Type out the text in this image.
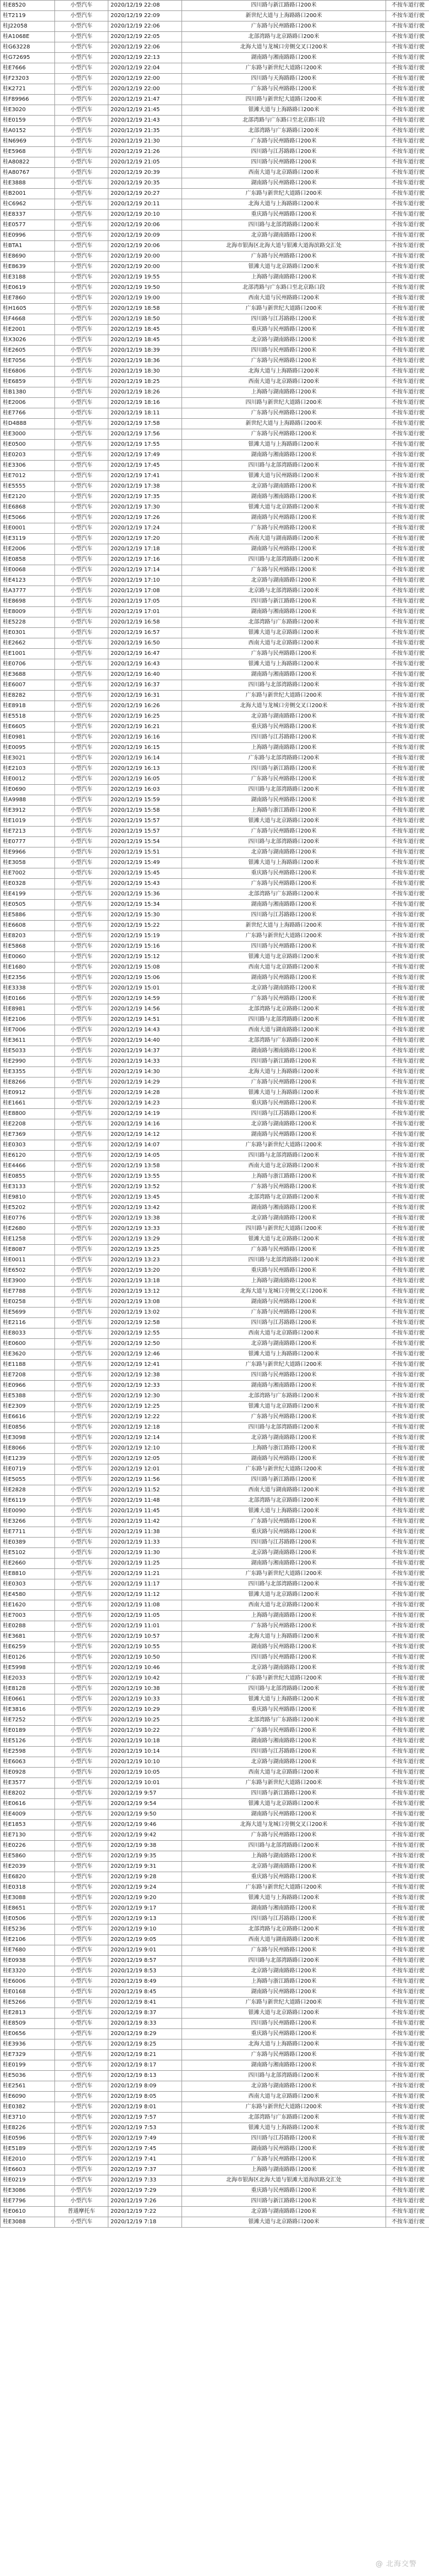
桂E8520	小型汽车	2020/12/19 22:08	四川路与新江路路口200米	不按车道行驶
桂T2119	小型汽车	2020/12/19 22:09	新世纪大道与上海路路口200米	不按车道行驶
桂J22058	小型汽车	2020/12/19 22:06	广东路与民州路路口200米	不按车道行驶
桂A1068E	小型汽车	2020/12/19 22:05	北部湾路与北京路路口200米	不按车道行驶
桂G63228	小型汽车	2020/12/19 22:06	北海大道与龙城口旁侧交叉口200米	不按车道行驶
桂G72695	小型汽车	2020/12/19 22:13	湖南路与湘南路路口200米	不按车道行驶
桂E7666	小型汽车	2020/12/19 22:04	广东路与新世纪大道路口200米	不按车道行驶
桂F23203	小型汽车	2020/12/19 22:00	四川路与天海路路口200米	不按车道行驶
桂K2721	小型汽车	2020/12/19 22:00	广东路与民州路路口200米	不按车道行驶
桂F89966	小型汽车	2020/12/19 21:47	四川路与新世纪大道路口200米	不按车道行驶
桂E3020	小型汽车	2020/12/19 21:45	银滩大道与上海路路口200米	不按车道行驶
桂E0159	小型汽车	2020/12/19 21:43	北部湾路与广东路口至北京路口段	不按车道行驶
桂A0152	小型汽车	2020/12/19 21:35	北部湾路与广东路路口200米	不按车道行驶
桂N6969	小型汽车	2020/12/19 21:30	广东路与民州路路口200米	不按车道行驶
桂E5968	小型汽车	2020/12/19 21:26	四川路与江苏路路口200米	不按车道行驶
桂A80822	小型汽车	2020/12/19 21:05	四川路与民州路路口200米	不按车道行驶
桂A80767	小型汽车	2020/12/19 20:39	西南大道与北京路路口200米	不按车道行驶
桂E3888	小型汽车	2020/12/19 20:35	湖南路与民州路路口200米	不按车道行驶
桂B2001	小型汽车	2020/12/19 20:27	广东路与新世纪大道路口200米	不按车道行驶
桂C6962	小型汽车	2020/12/19 20:11	北海大道与上海路路口200米	不按车道行驶
桂E8337	小型汽车	2020/12/19 20:10	重庆路与民州路路口200米	不按车道行驶
桂E0577	小型汽车	2020/12/19 20:06	四川路与北部湾路路口200米	不按车道行驶
桂E0996	小型汽车	2020/12/19 20:09	北京路与湖南路路口200米	不按车道行驶
桂BTA1	小型汽车	2020/12/19 20:06	北海市银海区北海大道与银滩大道海滨路交汇处	不按车道行驶
桂E8690	小型汽车	2020/12/19 20:00	广东路与民州路路口200米	不按车道行驶
桂E8639	小型汽车	2020/12/19 20:00	银滩大道与北京路路口200米	不按车道行驶
桂E3188	小型汽车	2020/12/19 19:55	上海路与湖南路路口200米	不按车道行驶
桂E0619	小型汽车	2020/12/19 19:50	北部湾路与广东路口至北京路口段	不按车道行驶
桂E7860	小型汽车	2020/12/19 19:00	西南大道与民州路路口200米	不按车道行驶
桂H1605	小型汽车	2020/12/19 18:58	广东路与新世纪大道路口200米	不按车道行驶
桂F4668	小型汽车	2020/12/19 18:50	四川路与江苏路路口200米	不按车道行驶
桂E2001	小型汽车	2020/12/19 18:45	重庆路与民州路路口200米	不按车道行驶
桂X3026	小型汽车	2020/12/19 18:45	北京路与湖南路路口200米	不按车道行驶
桂E2605	小型汽车	2020/12/19 18:39	四川路与民州路路口200米	不按车道行驶
桂E7056	小型汽车	2020/12/19 18:36	广东路与民州路路口200米	不按车道行驶
桂E6806	小型汽车	2020/12/19 18:30	北海大道与上海路路口200米	不按车道行驶
桂E6859	小型汽车	2020/12/19 18:25	西南大道与北京路路口200米	不按车道行驶
桂B1380	小型汽车	2020/12/19 18:26	上海路与湖南路路口200米	不按车道行驶
桂E2006	小型汽车	2020/12/19 18:16	四川路与新世纪大道路口200米	不按车道行驶
桂E7766	小型汽车	2020/12/19 18:11	广东路与民州路路口200米	不按车道行驶
桂D4888	小型汽车	2020/12/19 17:58	新世纪大道与上海路路口200米	不按车道行驶
桂E3000	小型汽车	2020/12/19 17:56	广东路与民州路路口200米	不按车道行驶
桂E0500	小型汽车	2020/12/19 17:55	银滩大道与上海路路口200米	不按车道行驶
桂E0203	小型汽车	2020/12/19 17:49	湖南路与湘南路路口200米	不按车道行驶
桂E3306	小型汽车	2020/12/19 17:45	四川路与北部湾路路口200米	不按车道行驶
桂E7012	小型汽车	2020/12/19 17:41	银滩大道与民州路路口200米	不按车道行驶
桂E5555	小型汽车	2020/12/19 17:38	北京路与湖南路路口200米	不按车道行驶
桂E2120	小型汽车	2020/12/19 17:35	湖南路与湘南路路口200米	不按车道行驶
桂E6868	小型汽车	2020/12/19 17:30	银滩大道与北京路路口200米	不按车道行驶
桂E5066	小型汽车	2020/12/19 17:26	湖南路与民州路路口200米	不按车道行驶
桂E0001	小型汽车	2020/12/19 17:24	广东路与民州路路口200米	不按车道行驶
桂E3119	小型汽车	2020/12/19 17:20	西南大道与湖南路路口200米	不按车道行驶
桂E2006	小型汽车	2020/12/19 17:18	湖南路与民州路路口200米	不按车道行驶
桂E0858	小型汽车	2020/12/19 17:16	四川路与北部湾路路口200米	不按车道行驶
桂E0068	小型汽车	2020/12/19 17:14	广东路与民州路路口200米	不按车道行驶
桂E4123	小型汽车	2020/12/19 17:10	北京路与湖南路路口200米	不按车道行驶
桂A3777	小型汽车	2020/12/19 17:08	北京路与北部湾路路口200米	不按车道行驶
桂E8698	小型汽车	2020/12/19 17:05	四川路与新江路路口200米	不按车道行驶
桂E8009	小型汽车	2020/12/19 17:01	湖南路与湘南路路口200米	不按车道行驶
桂E5228	小型汽车	2020/12/19 16:58	北部湾路与广东路路口200米	不按车道行驶
桂E0301	小型汽车	2020/12/19 16:57	银滩大道与北京路路口200米	不按车道行驶
桂E2662	小型汽车	2020/12/19 16:50	西南大道与北京路路口200米	不按车道行驶
桂E1001	小型汽车	2020/12/19 16:47	广东路与民州路路口200米	不按车道行驶
桂E0706	小型汽车	2020/12/19 16:43	银滩大道与上海路路口200米	不按车道行驶
桂E3688	小型汽车	2020/12/19 16:40	湖南路与湘南路路口200米	不按车道行驶
桂E6007	小型汽车	2020/12/19 16:37	四川路与北部湾路路口200米	不按车道行驶
桂E8282	小型汽车	2020/12/19 16:31	广东路与新世纪大道路口200米	不按车道行驶
桂E8918	小型汽车	2020/12/19 16:26	北海大道与龙城口旁侧交叉口200米	不按车道行驶
桂E5518	小型汽车	2020/12/19 16:25	北京路与湖南路路口200米	不按车道行驶
桂E6605	小型汽车	2020/12/19 16:21	重庆路与民州路路口200米	不按车道行驶
桂E0981	小型汽车	2020/12/19 16:16	四川路与江苏路路口200米	不按车道行驶
桂E0095	小型汽车	2020/12/19 16:15	上海路与湖南路路口200米	不按车道行驶
桂E3021	小型汽车	2020/12/19 16:14	广东路与北部湾路路口200米	不按车道行驶
桂E2103	小型汽车	2020/12/19 16:13	四川路与新江路路口200米	不按车道行驶
桂E0012	小型汽车	2020/12/19 16:05	广东路与民州路路口200米	不按车道行驶
桂E0690	小型汽车	2020/12/19 16:03	四川路与北部湾路路口200米	不按车道行驶
桂A9988	小型汽车	2020/12/19 15:59	湖南路与民州路路口200米	不按车道行驶
桂E3912	小型汽车	2020/12/19 15:58	上海路与浙江路路口200米	不按车道行驶
桂E1019	小型汽车	2020/12/19 15:57	银滩大道与北京路路口200米	不按车道行驶
桂E7213	小型汽车	2020/12/19 15:57	广东路与民州路路口200米	不按车道行驶
桂E0777	小型汽车	2020/12/19 15:54	四川路与北部湾路路口200米	不按车道行驶
桂E9966	小型汽车	2020/12/19 15:51	北京路与湖南路路口200米	不按车道行驶
桂E3058	小型汽车	2020/12/19 15:49	银滩大道与上海路路口200米	不按车道行驶
桂E7002	小型汽车	2020/12/19 15:45	重庆路与民州路路口200米	不按车道行驶
桂E0328	小型汽车	2020/12/19 15:43	广东路与民州路路口200米	不按车道行驶
桂E4199	小型汽车	2020/12/19 15:36	北部湾路与广东路路口200米	不按车道行驶
桂E0505	小型汽车	2020/12/19 15:34	湖南路与湘南路路口200米	不按车道行驶
桂E5886	小型汽车	2020/12/19 15:30	四川路与江苏路路口200米	不按车道行驶
桂E6608	小型汽车	2020/12/19 15:22	新世纪大道与上海路路口200米	不按车道行驶
桂E8203	小型汽车	2020/12/19 15:19	广东路与新世纪大道路口200米	不按车道行驶
桂E5868	小型汽车	2020/12/19 15:16	四川路与民州路路口200米	不按车道行驶
桂E0060	小型汽车	2020/12/19 15:12	银滩大道与北京路路口200米	不按车道行驶
桂E1680	小型汽车	2020/12/19 15:08	西南大道与北京路路口200米	不按车道行驶
桂E2356	小型汽车	2020/12/19 15:06	湖南路与民州路路口200米	不按车道行驶
桂E3338	小型汽车	2020/12/19 15:01	北京路与湖南路路口200米	不按车道行驶
桂E0166	小型汽车	2020/12/19 14:59	广东路与民州路路口200米	不按车道行驶
桂E8981	小型汽车	2020/12/19 14:56	北部湾路与北京路路口200米	不按车道行驶
桂E2106	小型汽车	2020/12/19 14:51	四川路与北部湾路路口200米	不按车道行驶
桂E7006	小型汽车	2020/12/19 14:43	西南大道与湖南路路口200米	不按车道行驶
桂E3611	小型汽车	2020/12/19 14:40	北部湾路与广东路路口200米	不按车道行驶
桂E5033	小型汽车	2020/12/19 14:37	湖南路与湘南路路口200米	不按车道行驶
桂E2990	小型汽车	2020/12/19 14:33	四川路与新江路路口200米	不按车道行驶
桂E3355	小型汽车	2020/12/19 14:30	北海大道与上海路路口200米	不按车道行驶
桂E8266	小型汽车	2020/12/19 14:29	广东路与民州路路口200米	不按车道行驶
桂E0912	小型汽车	2020/12/19 14:28	银滩大道与上海路路口200米	不按车道行驶
桂E1661	小型汽车	2020/12/19 14:23	重庆路与民州路路口200米	不按车道行驶
桂E8800	小型汽车	2020/12/19 14:19	四川路与江苏路路口200米	不按车道行驶
桂E2208	小型汽车	2020/12/19 14:16	北京路与湖南路路口200米	不按车道行驶
桂E7369	小型汽车	2020/12/19 14:12	湖南路与民州路路口200米	不按车道行驶
桂E0303	小型汽车	2020/12/19 14:07	广东路与新世纪大道路口200米	不按车道行驶
桂E6120	小型汽车	2020/12/19 14:05	四川路与北部湾路路口200米	不按车道行驶
桂E4466	小型汽车	2020/12/19 13:58	西南大道与北京路路口200米	不按车道行驶
桂E0855	小型汽车	2020/12/19 13:55	上海路与浙江路路口200米	不按车道行驶
桂E3133	小型汽车	2020/12/19 13:52	广东路与民州路路口200米	不按车道行驶
桂E9810	小型汽车	2020/12/19 13:45	北部湾路与北京路路口200米	不按车道行驶
桂E5202	小型汽车	2020/12/19 13:42	湖南路与湘南路路口200米	不按车道行驶
桂E0776	小型汽车	2020/12/19 13:38	北京路与湖南路路口200米	不按车道行驶
桂E2680	小型汽车	2020/12/19 13:33	四川路与新世纪大道路口200米	不按车道行驶
桂E1258	小型汽车	2020/12/19 13:29	银滩大道与北京路路口200米	不按车道行驶
桂E8087	小型汽车	2020/12/19 13:25	广东路与民州路路口200米	不按车道行驶
桂E0011	小型汽车	2020/12/19 13:23	四川路与北部湾路路口200米	不按车道行驶
桂E6502	小型汽车	2020/12/19 13:20	重庆路与民州路路口200米	不按车道行驶
桂E3900	小型汽车	2020/12/19 13:18	上海路与湖南路路口200米	不按车道行驶
桂E7788	小型汽车	2020/12/19 13:12	北海大道与龙城口旁侧交叉口200米	不按车道行驶
桂E0258	小型汽车	2020/12/19 13:08	湖南路与民州路路口200米	不按车道行驶
桂E5699	小型汽车	2020/12/19 13:02	广东路与民州路路口200米	不按车道行驶
桂E2116	小型汽车	2020/12/19 12:58	四川路与江苏路路口200米	不按车道行驶
桂E8033	小型汽车	2020/12/19 12:55	西南大道与北京路路口200米	不按车道行驶
桂E0600	小型汽车	2020/12/19 12:50	北京路与湖南路路口200米	不按车道行驶
桂E3620	小型汽车	2020/12/19 12:46	银滩大道与上海路路口200米	不按车道行驶
桂E1188	小型汽车	2020/12/19 12:41	广东路与新世纪大道路口200米	不按车道行驶
桂E7208	小型汽车	2020/12/19 12:38	四川路与民州路路口200米	不按车道行驶
桂E0966	小型汽车	2020/12/19 12:33	湖南路与湘南路路口200米	不按车道行驶
桂E5388	小型汽车	2020/12/19 12:30	北部湾路与广东路路口200米	不按车道行驶
桂E2309	小型汽车	2020/12/19 12:25	银滩大道与北京路路口200米	不按车道行驶
桂E6616	小型汽车	2020/12/19 12:22	广东路与民州路路口200米	不按车道行驶
桂E0856	小型汽车	2020/12/19 12:18	四川路与北部湾路路口200米	不按车道行驶
桂E3098	小型汽车	2020/12/19 12:14	北京路与湖南路路口200米	不按车道行驶
桂E8066	小型汽车	2020/12/19 12:10	上海路与浙江路路口200米	不按车道行驶
桂E1239	小型汽车	2020/12/19 12:05	湖南路与民州路路口200米	不按车道行驶
桂E0719	小型汽车	2020/12/19 12:01	广东路与新世纪大道路口200米	不按车道行驶
桂E5055	小型汽车	2020/12/19 11:56	四川路与新江路路口200米	不按车道行驶
桂E2828	小型汽车	2020/12/19 11:52	西南大道与湖南路路口200米	不按车道行驶
桂E6119	小型汽车	2020/12/19 11:48	北部湾路与北京路路口200米	不按车道行驶
桂E0090	小型汽车	2020/12/19 11:45	银滩大道与上海路路口200米	不按车道行驶
桂E3266	小型汽车	2020/12/19 11:42	广东路与民州路路口200米	不按车道行驶
桂E7711	小型汽车	2020/12/19 11:38	重庆路与民州路路口200米	不按车道行驶
桂E0389	小型汽车	2020/12/19 11:33	四川路与江苏路路口200米	不按车道行驶
桂E5102	小型汽车	2020/12/19 11:30	北京路与湖南路路口200米	不按车道行驶
桂E2660	小型汽车	2020/12/19 11:25	湖南路与湘南路路口200米	不按车道行驶
桂E8810	小型汽车	2020/12/19 11:21	广东路与新世纪大道路口200米	不按车道行驶
桂E0303	小型汽车	2020/12/19 11:17	四川路与北部湾路路口200米	不按车道行驶
桂E4580	小型汽车	2020/12/19 11:12	银滩大道与北京路路口200米	不按车道行驶
桂E1620	小型汽车	2020/12/19 11:08	西南大道与北京路路口200米	不按车道行驶
桂E7003	小型汽车	2020/12/19 11:05	上海路与湖南路路口200米	不按车道行驶
桂E0288	小型汽车	2020/12/19 11:01	广东路与民州路路口200米	不按车道行驶
桂E3681	小型汽车	2020/12/19 10:57	北海大道与上海路路口200米	不按车道行驶
桂E6259	小型汽车	2020/12/19 10:55	湖南路与民州路路口200米	不按车道行驶
桂E0126	小型汽车	2020/12/19 10:50	四川路与民州路路口200米	不按车道行驶
桂E5998	小型汽车	2020/12/19 10:46	北京路与湖南路路口200米	不按车道行驶
桂E2033	小型汽车	2020/12/19 10:42	广东路与新世纪大道路口200米	不按车道行驶
桂E8128	小型汽车	2020/12/19 10:38	四川路与北部湾路路口200米	不按车道行驶
桂E0661	小型汽车	2020/12/19 10:33	银滩大道与上海路路口200米	不按车道行驶
桂E3816	小型汽车	2020/12/19 10:29	重庆路与民州路路口200米	不按车道行驶
桂E7252	小型汽车	2020/12/19 10:25	北部湾路与广东路路口200米	不按车道行驶
桂E0189	小型汽车	2020/12/19 10:22	广东路与民州路路口200米	不按车道行驶
桂E5126	小型汽车	2020/12/19 10:18	湖南路与湘南路路口200米	不按车道行驶
桂E2598	小型汽车	2020/12/19 10:14	四川路与江苏路路口200米	不按车道行驶
桂E6063	小型汽车	2020/12/19 10:10	北京路与湖南路路口200米	不按车道行驶
桂E0928	小型汽车	2020/12/19 10:05	西南大道与北京路路口200米	不按车道行驶
桂E3577	小型汽车	2020/12/19 10:01	广东路与新世纪大道路口200米	不按车道行驶
桂E8202	小型汽车	2020/12/19 9:57	四川路与新江路路口200米	不按车道行驶
桂E0616	小型汽车	2020/12/19 9:54	银滩大道与北京路路口200米	不按车道行驶
桂E4009	小型汽车	2020/12/19 9:50	湖南路与民州路路口200米	不按车道行驶
桂E1853	小型汽车	2020/12/19 9:46	北海大道与龙城口旁侧交叉口200米	不按车道行驶
桂E7130	小型汽车	2020/12/19 9:42	广东路与民州路路口200米	不按车道行驶
桂E0226	小型汽车	2020/12/19 9:38	四川路与北部湾路路口200米	不按车道行驶
桂E5860	小型汽车	2020/12/19 9:35	上海路与湖南路路口200米	不按车道行驶
桂E2039	小型汽车	2020/12/19 9:31	北京路与湖南路路口200米	不按车道行驶
桂E6820	小型汽车	2020/12/19 9:28	重庆路与民州路路口200米	不按车道行驶
桂E0318	小型汽车	2020/12/19 9:24	广东路与新世纪大道路口200米	不按车道行驶
桂E3088	小型汽车	2020/12/19 9:20	银滩大道与上海路路口200米	不按车道行驶
桂E8651	小型汽车	2020/12/19 9:17	湖南路与湘南路路口200米	不按车道行驶
桂E0506	小型汽车	2020/12/19 9:13	四川路与江苏路路口200米	不按车道行驶
桂E5236	小型汽车	2020/12/19 9:10	北部湾路与北京路路口200米	不按车道行驶
桂E2106	小型汽车	2020/12/19 9:05	西南大道与湖南路路口200米	不按车道行驶
桂E7680	小型汽车	2020/12/19 9:01	广东路与民州路路口200米	不按车道行驶
桂E0938	小型汽车	2020/12/19 8:57	四川路与北部湾路路口200米	不按车道行驶
桂E3320	小型汽车	2020/12/19 8:53	北京路与湖南路路口200米	不按车道行驶
桂E6006	小型汽车	2020/12/19 8:49	上海路与浙江路路口200米	不按车道行驶
桂E0168	小型汽车	2020/12/19 8:45	湖南路与民州路路口200米	不按车道行驶
桂E5266	小型汽车	2020/12/19 8:41	广东路与新世纪大道路口200米	不按车道行驶
桂E2813	小型汽车	2020/12/19 8:37	银滩大道与北京路路口200米	不按车道行驶
桂E8509	小型汽车	2020/12/19 8:33	四川路与民州路路口200米	不按车道行驶
桂E0656	小型汽车	2020/12/19 8:29	重庆路与民州路路口200米	不按车道行驶
桂E3936	小型汽车	2020/12/19 8:25	北海大道与上海路路口200米	不按车道行驶
桂E7329	小型汽车	2020/12/19 8:21	广东路与民州路路口200米	不按车道行驶
桂E0199	小型汽车	2020/12/19 8:17	湖南路与湘南路路口200米	不按车道行驶
桂E5036	小型汽车	2020/12/19 8:13	四川路与北部湾路路口200米	不按车道行驶
桂E2561	小型汽车	2020/12/19 8:09	北京路与湖南路路口200米	不按车道行驶
桂E6090	小型汽车	2020/12/19 8:05	西南大道与北京路路口200米	不按车道行驶
桂E0382	小型汽车	2020/12/19 8:01	广东路与新世纪大道路口200米	不按车道行驶
桂E3710	小型汽车	2020/12/19 7:57	北部湾路与广东路路口200米	不按车道行驶
桂E8226	小型汽车	2020/12/19 7:53	银滩大道与上海路路口200米	不按车道行驶
桂E0596	小型汽车	2020/12/19 7:49	四川路与江苏路路口200米	不按车道行驶
桂E5189	小型汽车	2020/12/19 7:45	湖南路与民州路路口200米	不按车道行驶
桂E2010	小型汽车	2020/12/19 7:41	广东路与民州路路口200米	不按车道行驶
桂E6603	小型汽车	2020/12/19 7:37	上海路与湖南路路口200米	不按车道行驶
桂E0219	小型汽车	2020/12/19 7:33	北海市银海区北海大道与银滩大道海滨路交汇处	不按车道行驶
桂E3086	小型汽车	2020/12/19 7:29	重庆路与民州路路口200米	不按车道行驶
桂E7796	小型汽车	2020/12/19 7:26	四川路与新江路路口200米	不按车道行驶
桂E0610	普通摩托车	2020/12/19 7:22	北京路与湖南路路口200米	不按车道行驶
桂E3088	小型汽车	2020/12/19 7:18	银滩大道与北京路路口200米	不按车道行驶
@ 北海交警
